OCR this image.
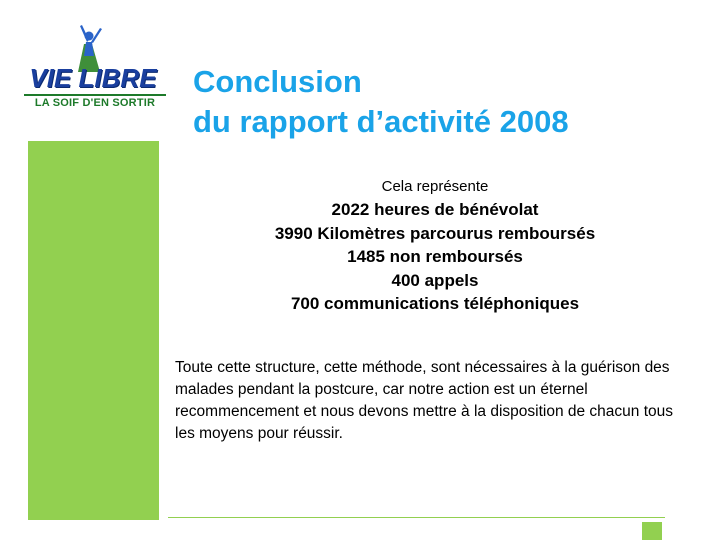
VIE LIBRE
LA SOIF D'EN SORTIR
Conclusion
du rapport d’activité 2008
Cela représente
2022 heures de bénévolat
3990 Kilomètres parcourus remboursés
1485 non remboursés
400 appels
700 communications téléphoniques
Toute cette structure, cette méthode, sont nécessaires à la guérison des malades pendant la postcure, car notre action est un éternel recommencement et nous devons mettre à la disposition de chacun tous les moyens pour réussir.
